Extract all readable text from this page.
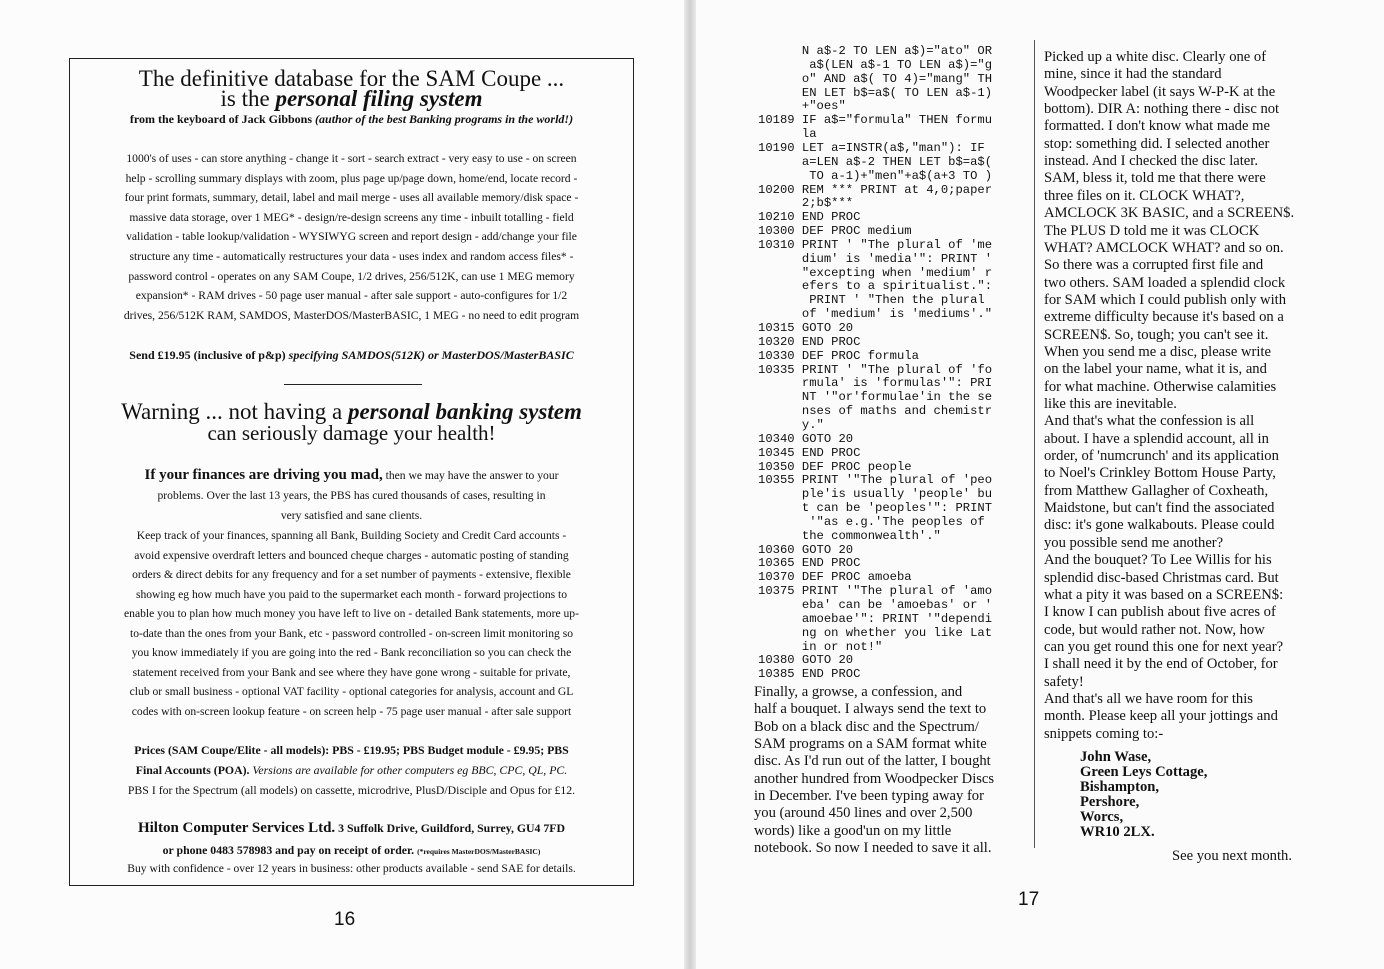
The definitive database for the SAM Coupe ...
is the personal filing system
from the keyboard of Jack Gibbons (author of the best Banking programs in the world!)
1000's of uses - can store anything - change it - sort - search extract - very easy to use - on screen
help - scrolling summary displays with zoom, plus page up/page down, home/end, locate record -
four print formats, summary, detail, label and mail merge - uses all available memory/disk space -
massive data storage, over 1 MEG* - design/re-design screens any time - inbuilt totalling - field
validation - table lookup/validation - WYSIWYG screen and report design - add/change your file
structure any time - automatically restructures your data - uses index and random access files* -
password control - operates on any SAM Coupe, 1/2 drives, 256/512K, can use 1 MEG memory
expansion* - RAM drives - 50 page user manual - after sale support - auto-configures for 1/2
drives, 256/512K RAM, SAMDOS, MasterDOS/MasterBASIC, 1 MEG - no need to edit program
Send £19.95 (inclusive of p&p) specifying SAMDOS(512K) or MasterDOS/MasterBASIC
Warning ... not having a personal banking system
can seriously damage your health!
If your finances are driving you mad, then we may have the answer to your
problems. Over the last 13 years, the PBS has cured thousands of cases, resulting in
very satisfied and sane clients.
Keep track of your finances, spanning all Bank, Building Society and Credit Card accounts -
avoid expensive overdraft letters and bounced cheque charges - automatic posting of standing
orders & direct debits for any frequency and for a set number of payments - extensive, flexible
showing eg how much have you paid to the supermarket each month - forward projections to
enable you to plan how much money you have left to live on - detailed Bank statements, more up-
to-date than the ones from your Bank, etc - password controlled - on-screen limit monitoring so
you know immediately if you are going into the red - Bank reconciliation so you can check the
statement received from your Bank and see where they have gone wrong - suitable for private,
club or small business - optional VAT facility - optional categories for analysis, account and GL
codes with on-screen lookup feature - on screen help - 75 page user manual - after sale support
Prices (SAM Coupe/Elite - all models): PBS - £19.95; PBS Budget module - £9.95; PBS
Final Accounts (POA). Versions are available for other computers eg BBC, CPC, QL, PC.
PBS I for the Spectrum (all models) on cassette, microdrive, PlusD/Disciple and Opus for £12.
Hilton Computer Services Ltd. 3 Suffolk Drive, Guildford, Surrey, GU4 7FD
or phone 0483 578983 and pay on receipt of order. (*requires MasterDOS/MasterBASIC)
Buy with confidence - over 12 years in business: other products available - send SAE for details.
16
N a$-2 TO LEN a$)="ato" OR
a$(LEN a$-1 TO LEN a$)="g
o" AND a$( TO 4)="mang" TH
EN LET b$=a$( TO LEN a$-1)
+"oes"
10189 IF a$="formula" THEN formu
la
10190 LET a=INSTR(a$,"man"): IF
a=LEN a$-2 THEN LET b$=a$(
TO a-1)+"men"+a$(a+3 TO )
10200 REM *** PRINT at 4,0;paper
2;b$***
10210 END PROC
10300 DEF PROC medium
10310 PRINT ' "The plural of 'me
dium' is 'media'": PRINT '
"excepting when 'medium' r
efers to a spiritualist.":
PRINT ' "Then the plural
of 'medium' is 'mediums'."
10315 GOTO 20
10320 END PROC
10330 DEF PROC formula
10335 PRINT ' "The plural of 'fo
rmula' is 'formulas'": PRI
NT '"or'formulae'in the se
nses of maths and chemistr
y."
10340 GOTO 20
10345 END PROC
10350 DEF PROC people
10355 PRINT '"The plural of 'peo
ple'is usually 'people' bu
t can be 'peoples'": PRINT
'"as e.g.'The peoples of
the commonwealth'."
10360 GOTO 20
10365 END PROC
10370 DEF PROC amoeba
10375 PRINT '"The plural of 'amo
eba' can be 'amoebas' or '
amoebae'": PRINT '"dependi
ng on whether you like Lat
in or not!"
10380 GOTO 20
10385 END PROC
Finally, a growse, a confession, and
half a bouquet. I always send the text to
Bob on a black disc and the Spectrum/
SAM programs on a SAM format white
disc. As I'd run out of the latter, I bought
another hundred from Woodpecker Discs
in December. I've been typing away for
you (around 450 lines and over 2,500
words) like a good'un on my little
notebook. So now I needed to save it all.
Picked up a white disc. Clearly one of
mine, since it had the standard
Woodpecker label (it says W-P-K at the
bottom). DIR A: nothing there - disc not
formatted. I don't know what made me
stop: something did. I selected another
instead. And I checked the disc later.
SAM, bless it, told me that there were
three files on it. CLOCK WHAT?,
AMCLOCK 3K BASIC, and a SCREEN$.
The PLUS D told me it was CLOCK
WHAT? AMCLOCK WHAT? and so on.
So there was a corrupted first file and
two others. SAM loaded a splendid clock
for SAM which I could publish only with
extreme difficulty because it's based on a
SCREEN$. So, tough; you can't see it.
When you send me a disc, please write
on the label your name, what it is, and
for what machine. Otherwise calamities
like this are inevitable.
And that's what the confession is all
about. I have a splendid account, all in
order, of 'numcrunch' and its application
to Noel's Crinkley Bottom House Party,
from Matthew Gallagher of Coxheath,
Maidstone, but can't find the associated
disc: it's gone walkabouts. Please could
you possible send me another?
And the bouquet? To Lee Willis for his
splendid disc-based Christmas card. But
what a pity it was based on a SCREEN$:
I know I can publish about five acres of
code, but would rather not. Now, how
can you get round this one for next year?
I shall need it by the end of October, for
safety!
And that's all we have room for this
month. Please keep all your jottings and
snippets coming to:-
John Wase,
Green Leys Cottage,
Bishampton,
Pershore,
Worcs,
WR10 2LX.
See you next month.
17
